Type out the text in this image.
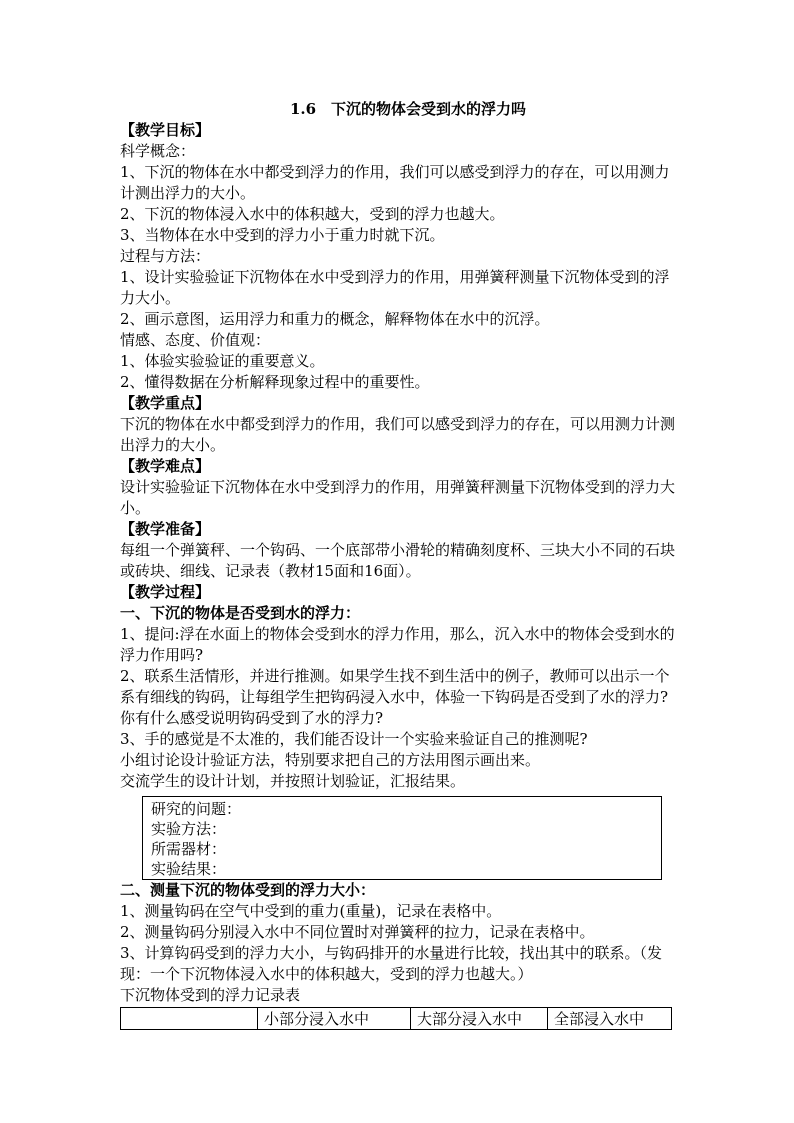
1.6　下沉的物体会受到水的浮力吗

【教学目标】

科学概念：

1、下沉的物体在水中都受到浮力的作用，我们可以感受到浮力的存在，可以用测力计测出浮力的大小。

2、下沉的物体浸入水中的体积越大，受到的浮力也越大。

3、当物体在水中受到的浮力小于重力时就下沉。

过程与方法：

1、设计实验验证下沉物体在水中受到浮力的作用，用弹簧秤测量下沉物体受到的浮力大小。

2、画示意图，运用浮力和重力的概念，解释物体在水中的沉浮。

情感、态度、价值观：

1、体验实验验证的重要意义。

2、懂得数据在分析解释现象过程中的重要性。

【教学重点】

下沉的物体在水中都受到浮力的作用，我们可以感受到浮力的存在，可以用测力计测出浮力的大小。

【教学难点】

设计实验验证下沉物体在水中受到浮力的作用，用弹簧秤测量下沉物体受到的浮力大小。

【教学准备】

每组一个弹簧秤、一个钩码、一个底部带小滑轮的精确刻度杯、三块大小不同的石块或砖块、细线、记录表（教材15面和16面）。

【教学过程】

一、下沉的物体是否受到水的浮力：

1、提问:浮在水面上的物体会受到水的浮力作用，那么，沉入水中的物体会受到水的浮力作用吗?

2、联系生活情形，并进行推测。如果学生找不到生活中的例子，教师可以出示一个系有细线的钩码，让每组学生把钩码浸入水中，体验一下钩码是否受到了水的浮力?你有什么感受说明钩码受到了水的浮力?

3、手的感觉是不太准的，我们能否设计一个实验来验证自己的推测呢?

小组讨论设计验证方法，特别要求把自己的方法用图示画出来。

交流学生的设计计划，并按照计划验证，汇报结果。

研究的问题：

实验方法：

所需器材：

实验结果：

二、测量下沉的物体受到的浮力大小：

1、测量钩码在空气中受到的重力(重量)，记录在表格中。

2、测量钩码分别浸入水中不同位置时对弹簧秤的拉力，记录在表格中。

3、计算钩码受到的浮力大小，与钩码排开的水量进行比较，找出其中的联系。（发现：一个下沉物体浸入水中的体积越大，受到的浮力也越大。）

下沉物体受到的浮力记录表

	小部分浸入水中	大部分浸入水中	全部浸入水中
